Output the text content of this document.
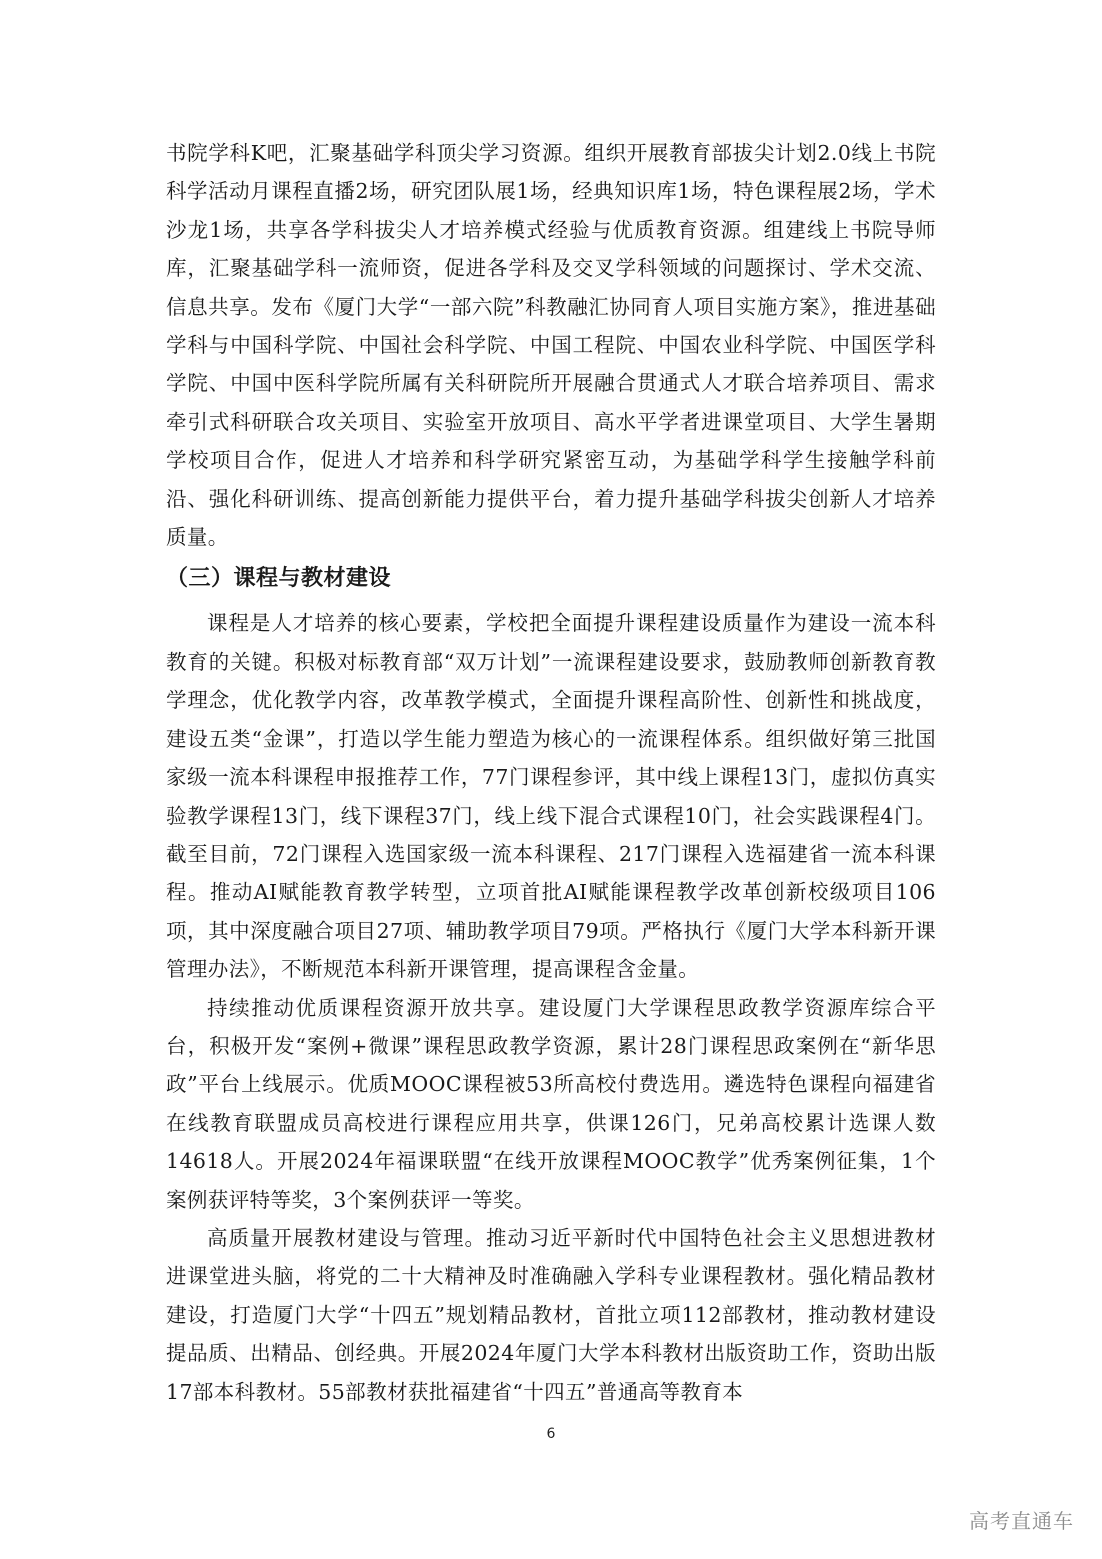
书院学科K吧，汇聚基础学科顶尖学习资源。组织开展教育部拔尖计划2.0线上书院科学活动月课程直播2场，研究团队展1场，经典知识库1场，特色课程展2场，学术沙龙1场，共享各学科拔尖人才培养模式经验与优质教育资源。组建线上书院导师库，汇聚基础学科一流师资，促进各学科及交叉学科领域的问题探讨、学术交流、信息共享。发布《厦门大学“一部六院”科教融汇协同育人项目实施方案》，推进基础学科与中国科学院、中国社会科学院、中国工程院、中国农业科学院、中国医学科学院、中国中医科学院所属有关科研院所开展融合贯通式人才联合培养项目、需求牵引式科研联合攻关项目、实验室开放项目、高水平学者进课堂项目、大学生暑期学校项目合作，促进人才培养和科学研究紧密互动，为基础学科学生接触学科前沿、强化科研训练、提高创新能力提供平台，着力提升基础学科拔尖创新人才培养质量。

（三）课程与教材建设

课程是人才培养的核心要素，学校把全面提升课程建设质量作为建设一流本科教育的关键。积极对标教育部“双万计划”一流课程建设要求，鼓励教师创新教育教学理念，优化教学内容，改革教学模式，全面提升课程高阶性、创新性和挑战度，建设五类“金课”，打造以学生能力塑造为核心的一流课程体系。组织做好第三批国家级一流本科课程申报推荐工作，77门课程参评，其中线上课程13门，虚拟仿真实验教学课程13门，线下课程37门，线上线下混合式课程10门，社会实践课程4门。截至目前，72门课程入选国家级一流本科课程、217门课程入选福建省一流本科课程。推动AI赋能教育教学转型，立项首批AI赋能课程教学改革创新校级项目106项，其中深度融合项目27项、辅助教学项目79项。严格执行《厦门大学本科新开课管理办法》，不断规范本科新开课管理，提高课程含金量。

持续推动优质课程资源开放共享。建设厦门大学课程思政教学资源库综合平台，积极开发“案例+微课”课程思政教学资源，累计28门课程思政案例在“新华思政”平台上线展示。优质MOOC课程被53所高校付费选用。遴选特色课程向福建省在线教育联盟成员高校进行课程应用共享，供课126门，兄弟高校累计选课人数14618人。开展2024年福课联盟“在线开放课程MOOC教学”优秀案例征集，1个案例获评特等奖，3个案例获评一等奖。

高质量开展教材建设与管理。推动习近平新时代中国特色社会主义思想进教材进课堂进头脑，将党的二十大精神及时准确融入学科专业课程教材。强化精品教材建设，打造厦门大学“十四五”规划精品教材，首批立项112部教材，推动教材建设提品质、出精品、创经典。开展2024年厦门大学本科教材出版资助工作，资助出版17部本科教材。55部教材获批福建省“十四五”普通高等教育本

6
高考直通车
